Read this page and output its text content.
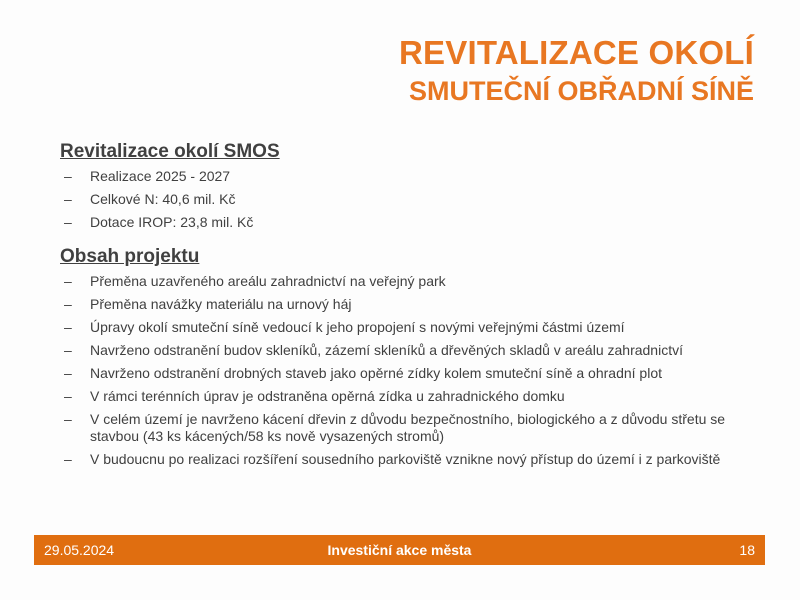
REVITALIZACE OKOLÍ
SMUTEČNÍ OBŘADNÍ SÍNĚ
Revitalizace okolí SMOS
– Realizace 2025 - 2027
– Celkové N: 40,6 mil. Kč
– Dotace IROP: 23,8 mil. Kč
Obsah projektu
– Přeměna uzavřeného areálu zahradnictví na veřejný park
– Přeměna navážky materiálu na urnový háj
– Úpravy okolí smuteční síně vedoucí k jeho propojení s novými veřejnými částmi území
– Navrženo odstranění budov skleníků, zázemí skleníků a dřevěných skladů v areálu zahradnictví
– Navrženo odstranění drobných staveb jako opěrné zídky kolem smuteční síně a ohradní plot
– V rámci terénních úprav je odstraněna opěrná zídka u zahradnického domku
– V celém území je navrženo kácení dřevin z důvodu bezpečnostního, biologického a z důvodu střetu se stavbou (43 ks kácených/58 ks nově vysazených stromů)
– V budoucnu po realizaci rozšíření sousedního parkoviště vznikne nový přístup do území i z parkoviště
29.05.2024	Investiční akce města	18
